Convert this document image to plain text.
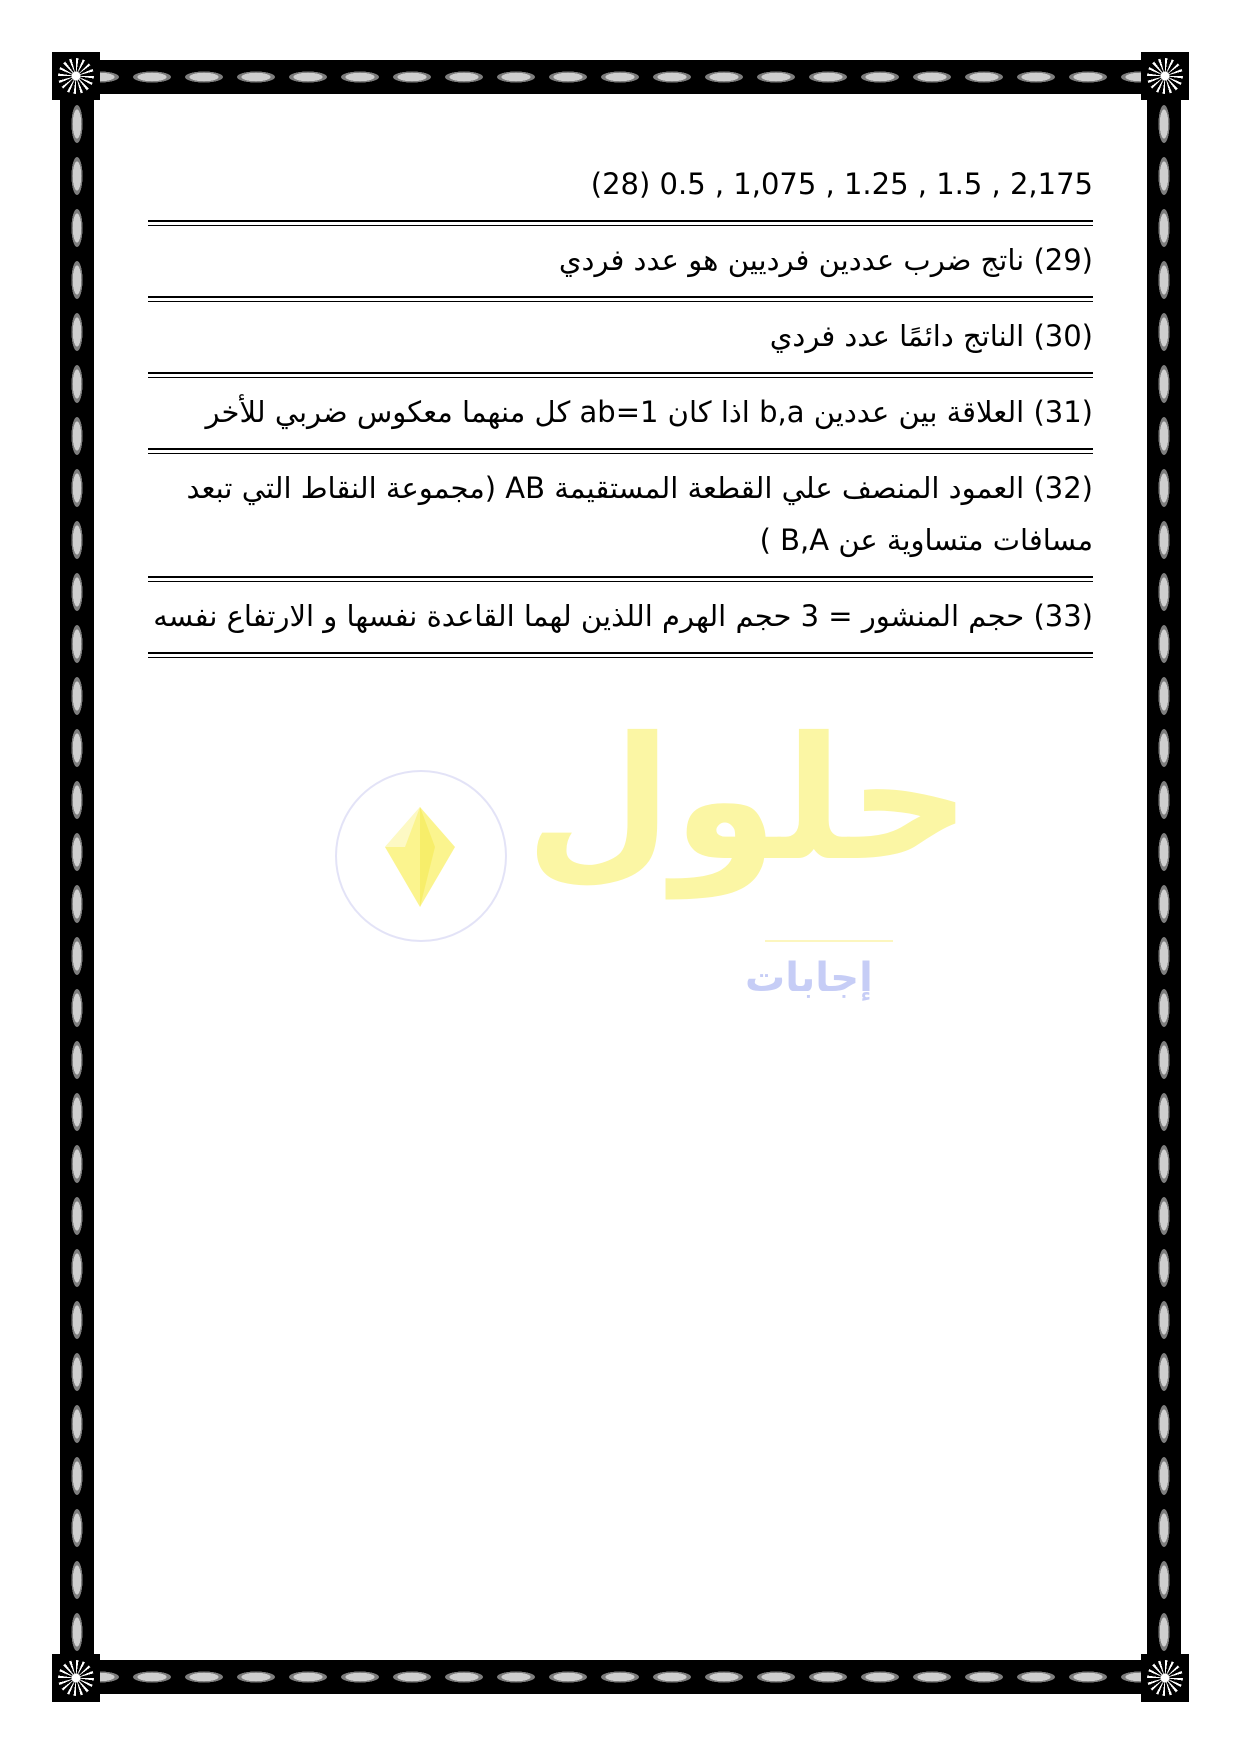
(28) 0.5 , 1,075 , 1.25 , 1.5 , 2,175
(29) ناتج ضرب عددين فرديين هو عدد فردي
(30) الناتج دائمًا عدد فردي
(31) العلاقة بين عددين b,a اذا كان ab=1 كل منهما معكوس ضربي للأخر
(32) العمود المنصف علي القطعة المستقيمة AB (مجموعة النقاط التي تبعد
مسافات متساوية عن B,A )
(33) حجم المنشور = 3 حجم الهرم اللذين لهما القاعدة نفسها و الارتفاع نفسه
حلول
إجابات
